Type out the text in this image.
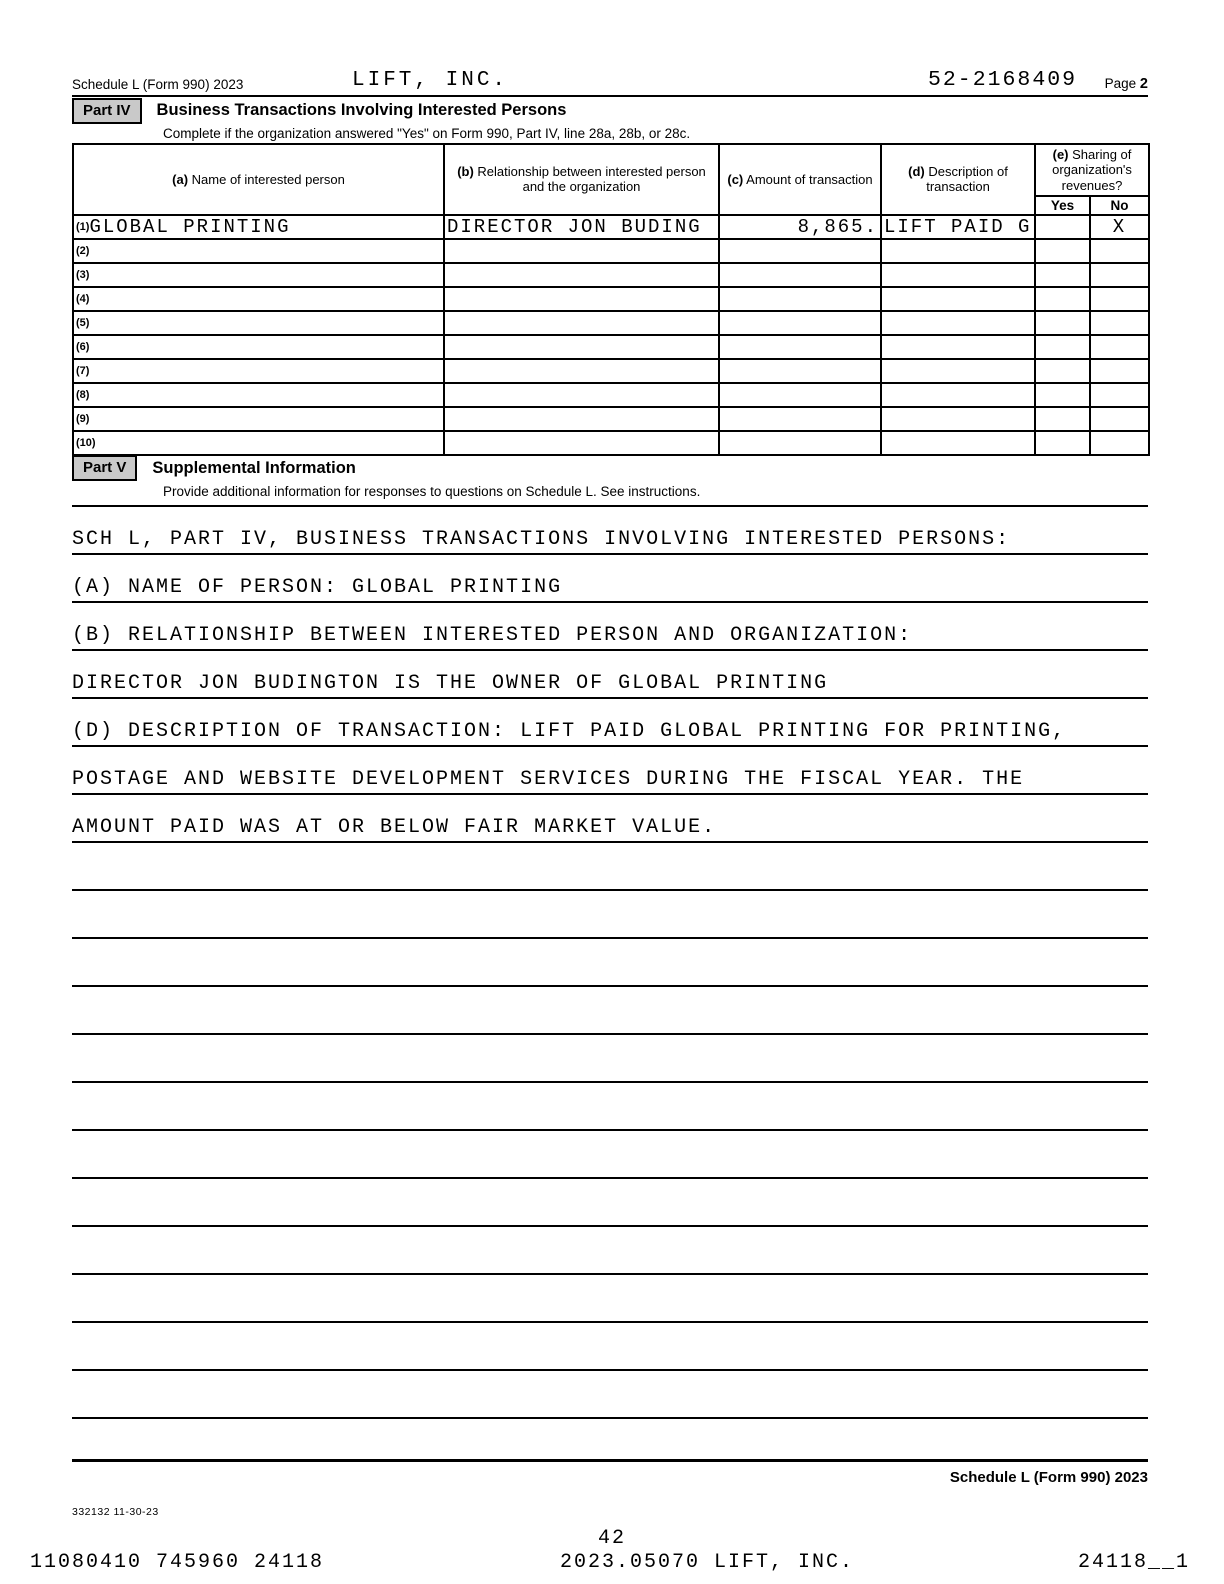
Schedule L (Form 990) 2023	LIFT, INC.	52-2168409 Page 2
Part IV	Business Transactions Involving Interested Persons
Complete if the organization answered "Yes" on Form 990, Part IV, line 28a, 28b, or 28c.
(a) Name of interested person	(b) Relationship between interested person and the organization	(c) Amount of transaction	(d) Description of transaction	(e) Sharing of organization's revenues?	
				Yes	No
(1)GLOBAL PRINTING	DIRECTOR JON BUDING	8,865.	LIFT PAID G		X
(2)					
(3)					
(4)					
(5)					
(6)					
(7)					
(8)					
(9)					
(10)					
Part V	Supplemental Information
Provide additional information for responses to questions on Schedule L. See instructions.
SCH L, PART IV, BUSINESS TRANSACTIONS INVOLVING INTERESTED PERSONS:
(A) NAME OF PERSON: GLOBAL PRINTING
(B) RELATIONSHIP BETWEEN INTERESTED PERSON AND ORGANIZATION:
DIRECTOR JON BUDINGTON IS THE OWNER OF GLOBAL PRINTING
(D) DESCRIPTION OF TRANSACTION: LIFT PAID GLOBAL PRINTING FOR PRINTING,
POSTAGE AND WEBSITE DEVELOPMENT SERVICES DURING THE FISCAL YEAR. THE
AMOUNT PAID WAS AT OR BELOW FAIR MARKET VALUE.
Schedule L (Form 990) 2023
332132 11-30-23
42
11080410 745960 24118	2023.05070 LIFT, INC.	24118__1
